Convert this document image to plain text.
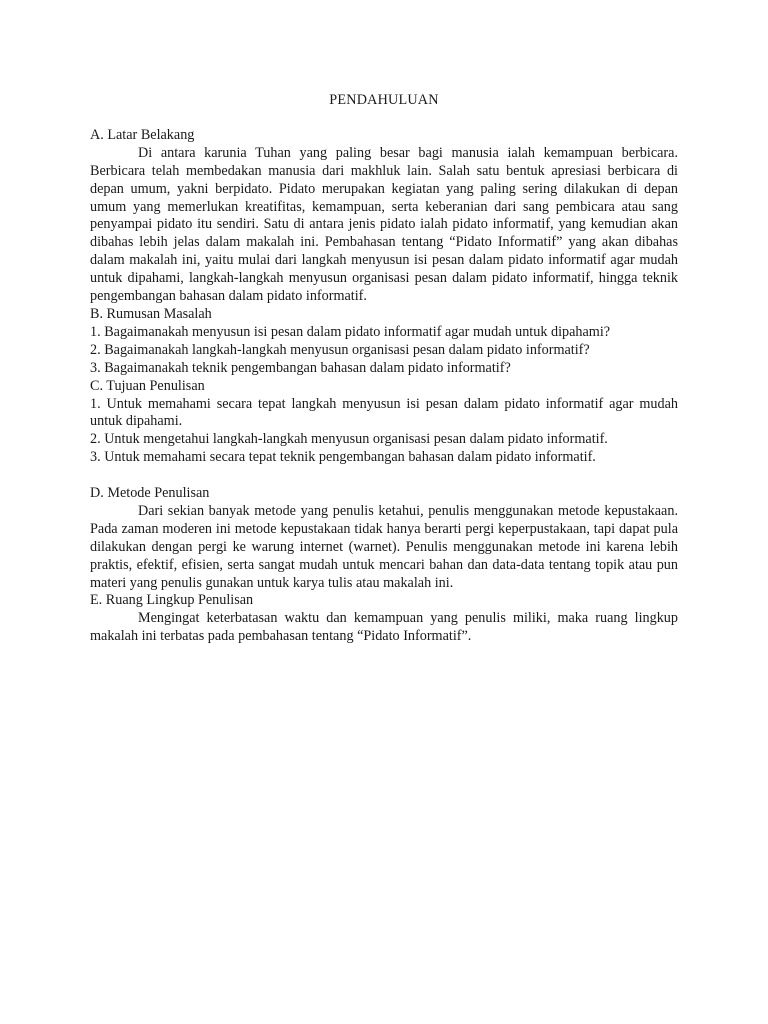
PENDAHULUAN

A. Latar Belakang

Di antara karunia Tuhan yang paling besar bagi manusia ialah kemampuan berbicara. Berbicara telah membedakan manusia dari makhluk lain. Salah satu bentuk apresiasi berbicara di depan umum, yakni berpidato. Pidato merupakan kegiatan yang paling sering dilakukan di depan umum yang memerlukan kreatifitas, kemampuan, serta keberanian dari sang pembicara atau sang penyampai pidato itu sendiri. Satu di antara jenis pidato ialah pidato informatif, yang kemudian akan dibahas lebih jelas dalam makalah ini. Pembahasan tentang “Pidato Informatif” yang akan dibahas dalam makalah ini, yaitu mulai dari langkah menyusun isi pesan dalam pidato informatif agar mudah untuk dipahami, langkah-langkah menyusun organisasi pesan dalam pidato informatif, hingga teknik pengembangan bahasan dalam pidato informatif.

B. Rumusan Masalah

1. Bagaimanakah menyusun isi pesan dalam pidato informatif agar mudah untuk dipahami?

2. Bagaimanakah langkah-langkah menyusun organisasi pesan dalam pidato informatif?

3. Bagaimanakah teknik pengembangan bahasan dalam pidato informatif?

C. Tujuan Penulisan

1. Untuk memahami secara tepat langkah menyusun isi pesan dalam pidato informatif agar mudah untuk dipahami.

2. Untuk mengetahui langkah-langkah menyusun organisasi pesan dalam pidato informatif.

3. Untuk memahami secara tepat teknik pengembangan bahasan dalam pidato informatif.

D. Metode Penulisan

Dari sekian banyak metode yang penulis ketahui, penulis menggunakan metode kepustakaan. Pada zaman moderen ini metode kepustakaan tidak hanya berarti pergi keperpustakaan, tapi dapat pula dilakukan dengan pergi ke warung internet (warnet). Penulis menggunakan metode ini karena lebih praktis, efektif, efisien, serta sangat mudah untuk mencari bahan dan data-data tentang topik atau pun materi yang penulis gunakan untuk karya tulis atau makalah ini.

E. Ruang Lingkup Penulisan

Mengingat keterbatasan waktu dan kemampuan yang penulis miliki, maka ruang lingkup makalah ini terbatas pada pembahasan tentang “Pidato Informatif”.
